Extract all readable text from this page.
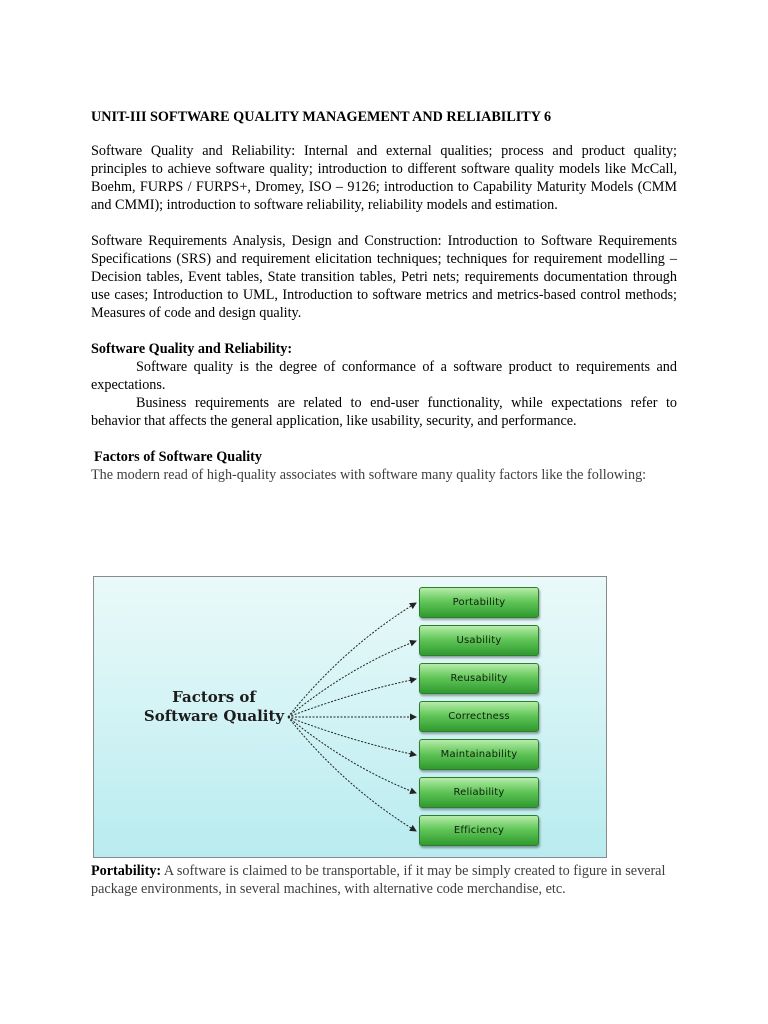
UNIT-III SOFTWARE QUALITY MANAGEMENT AND RELIABILITY 6

Software Quality and Reliability: Internal and external qualities; process and product quality; principles to achieve software quality; introduction to different software quality models like McCall, Boehm, FURPS / FURPS+, Dromey, ISO – 9126; introduction to Capability Maturity Models (CMM and CMMI); introduction to software reliability, reliability models and estimation.

Software Requirements Analysis, Design and Construction: Introduction to Software Requirements Specifications (SRS) and requirement elicitation techniques; techniques for requirement modelling – Decision tables, Event tables, State transition tables, Petri nets; requirements documentation through use cases; Introduction to UML, Introduction to software metrics and metrics-based control methods; Measures of code and design quality.

Software Quality and Reliability:

Software quality is the degree of conformance of a software product to requirements and expectations.

Business requirements are related to end-user functionality, while expectations refer to behavior that affects the general application, like usability, security, and performance.

Factors of Software Quality

The modern read of high-quality associates with software many quality factors like the following:

Factors of
Software Quality
Portability
Usability
Reusability
Correctness
Maintainability
Reliability
Efficiency

Portability: A software is claimed to be transportable, if it may be simply created to figure in several package environments, in several machines, with alternative code merchandise, etc.
